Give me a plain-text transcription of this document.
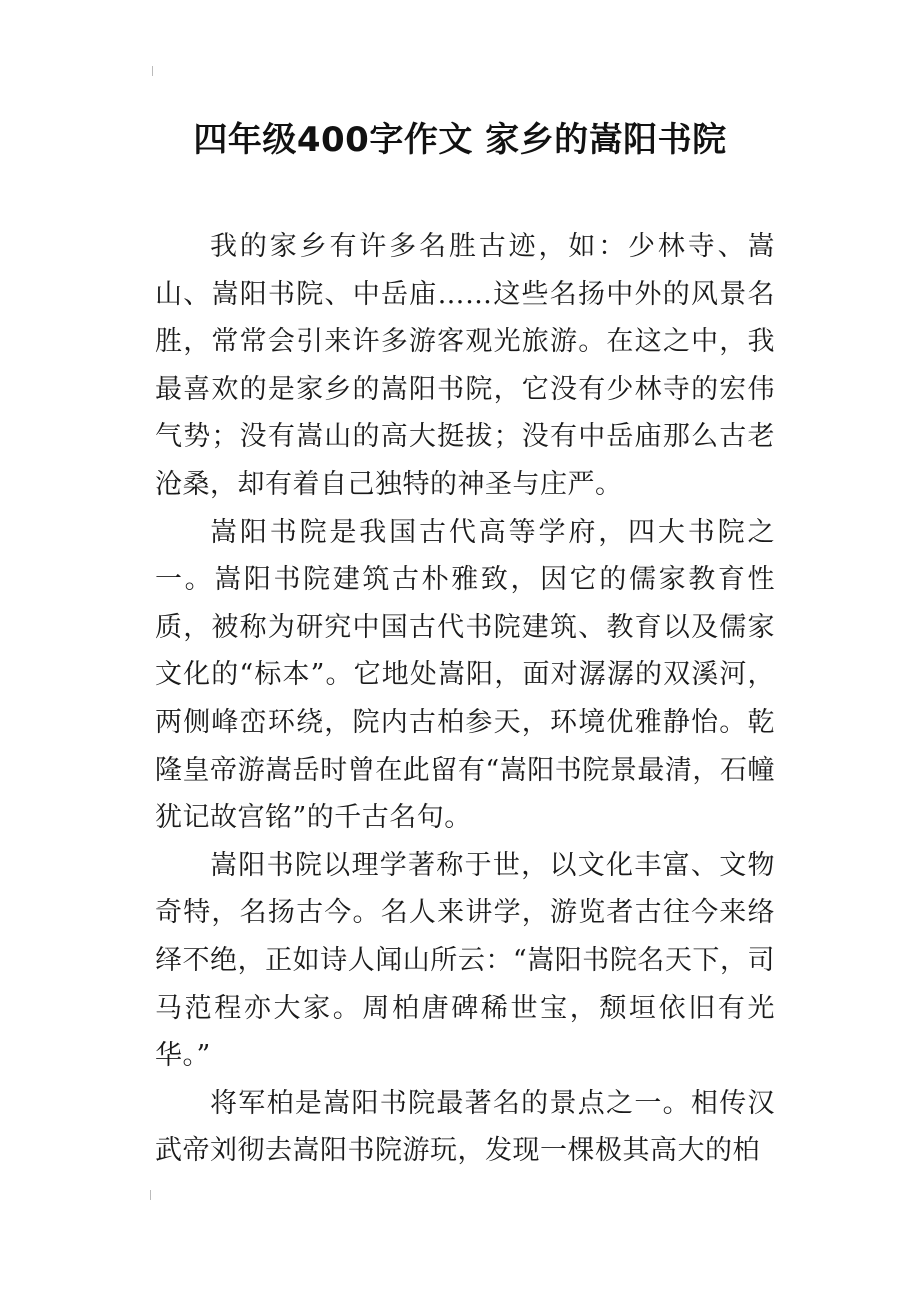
四年级400字作文 家乡的嵩阳书院

我的家乡有许多名胜古迹，如：少林寺、嵩山、嵩阳书院、中岳庙……这些名扬中外的风景名胜，常常会引来许多游客观光旅游。在这之中，我最喜欢的是家乡的嵩阳书院，它没有少林寺的宏伟气势；没有嵩山的高大挺拔；没有中岳庙那么古老沧桑，却有着自己独特的神圣与庄严。

嵩阳书院是我国古代高等学府，四大书院之一。嵩阳书院建筑古朴雅致，因它的儒家教育性质，被称为研究中国古代书院建筑、教育以及儒家文化的“标本”。它地处嵩阳，面对潺潺的双溪河，两侧峰峦环绕，院内古柏参天，环境优雅静怡。乾隆皇帝游嵩岳时曾在此留有“嵩阳书院景最清，石幢犹记故宫铭”的千古名句。

嵩阳书院以理学著称于世，以文化丰富、文物奇特，名扬古今。名人来讲学，游览者古往今来络绎不绝，正如诗人闻山所云：“嵩阳书院名天下，司马范程亦大家。周柏唐碑稀世宝，颓垣依旧有光华。”

将军柏是嵩阳书院最著名的景点之一。相传汉武帝刘彻去嵩阳书院游玩，发现一棵极其高大的柏
